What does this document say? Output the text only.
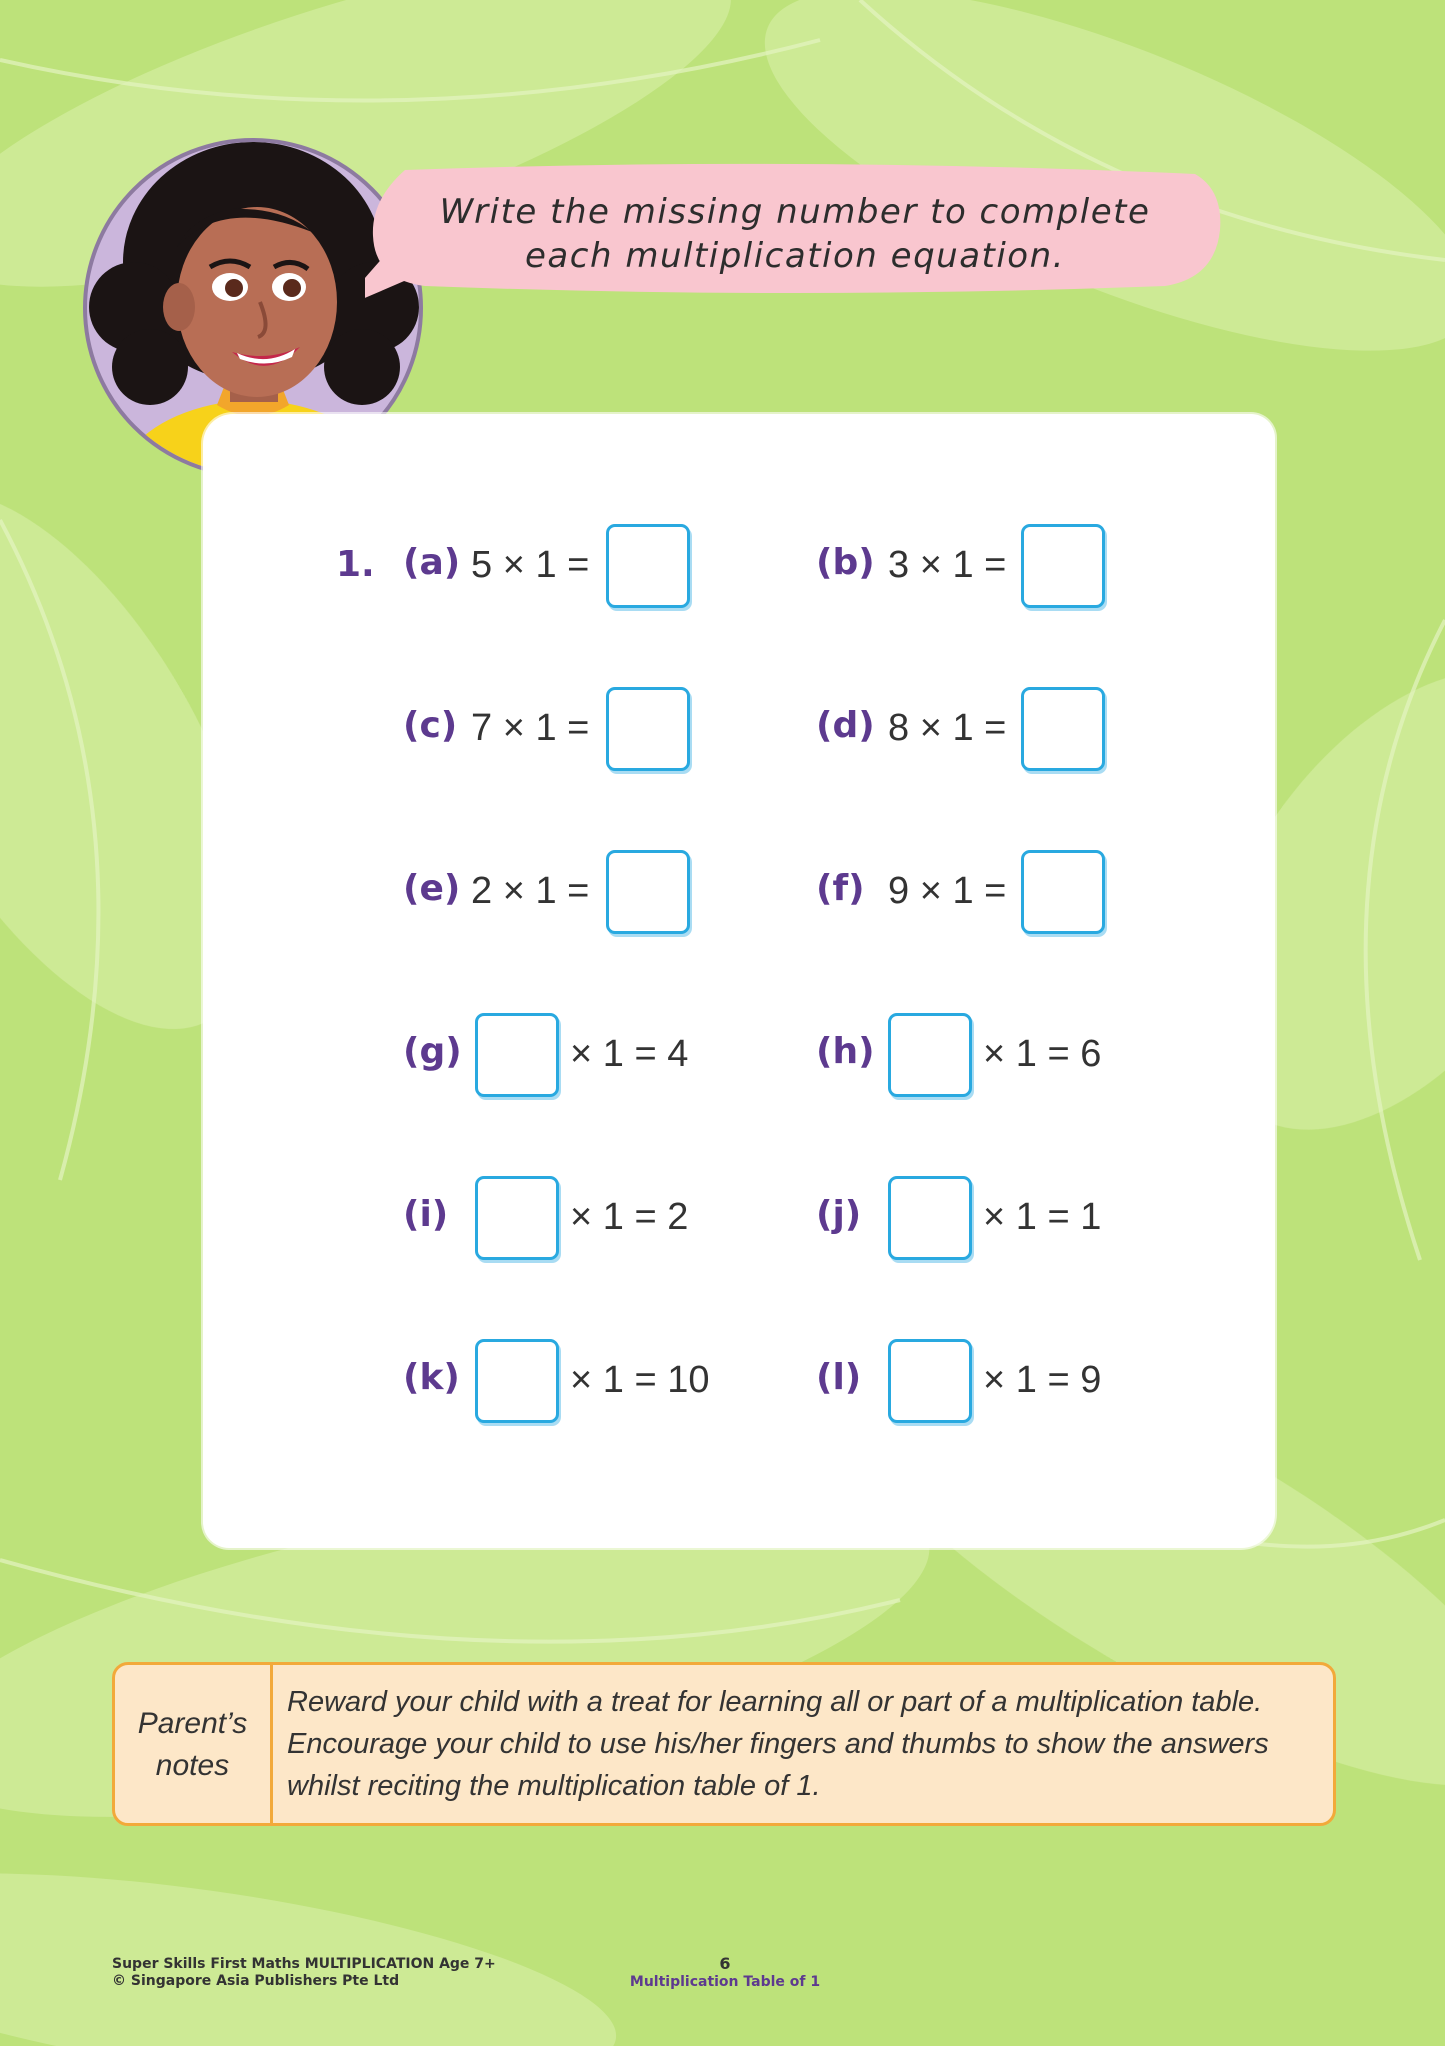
Write the missing number to complete
each multiplication equation.
1. (a) 5 × 1 =	(b) 3 × 1 =
(c) 7 × 1 =	(d) 8 × 1 =
(e) 2 × 1 =	(f) 9 × 1 =
(g)	× 1 = 4	(h)	× 1 = 6
(i)	× 1 = 2	(j)	× 1 = 1
(k)	× 1 = 10	(l)	× 1 = 9
Parent’s
notes
Reward your child with a treat for learning all or part of a multiplication table.
Encourage your child to use his/her fingers and thumbs to show the answers
whilst reciting the multiplication table of 1.
Super Skills First Maths MULTIPLICATION Age 7+
© Singapore Asia Publishers Pte Ltd
6
Multiplication Table of 1
